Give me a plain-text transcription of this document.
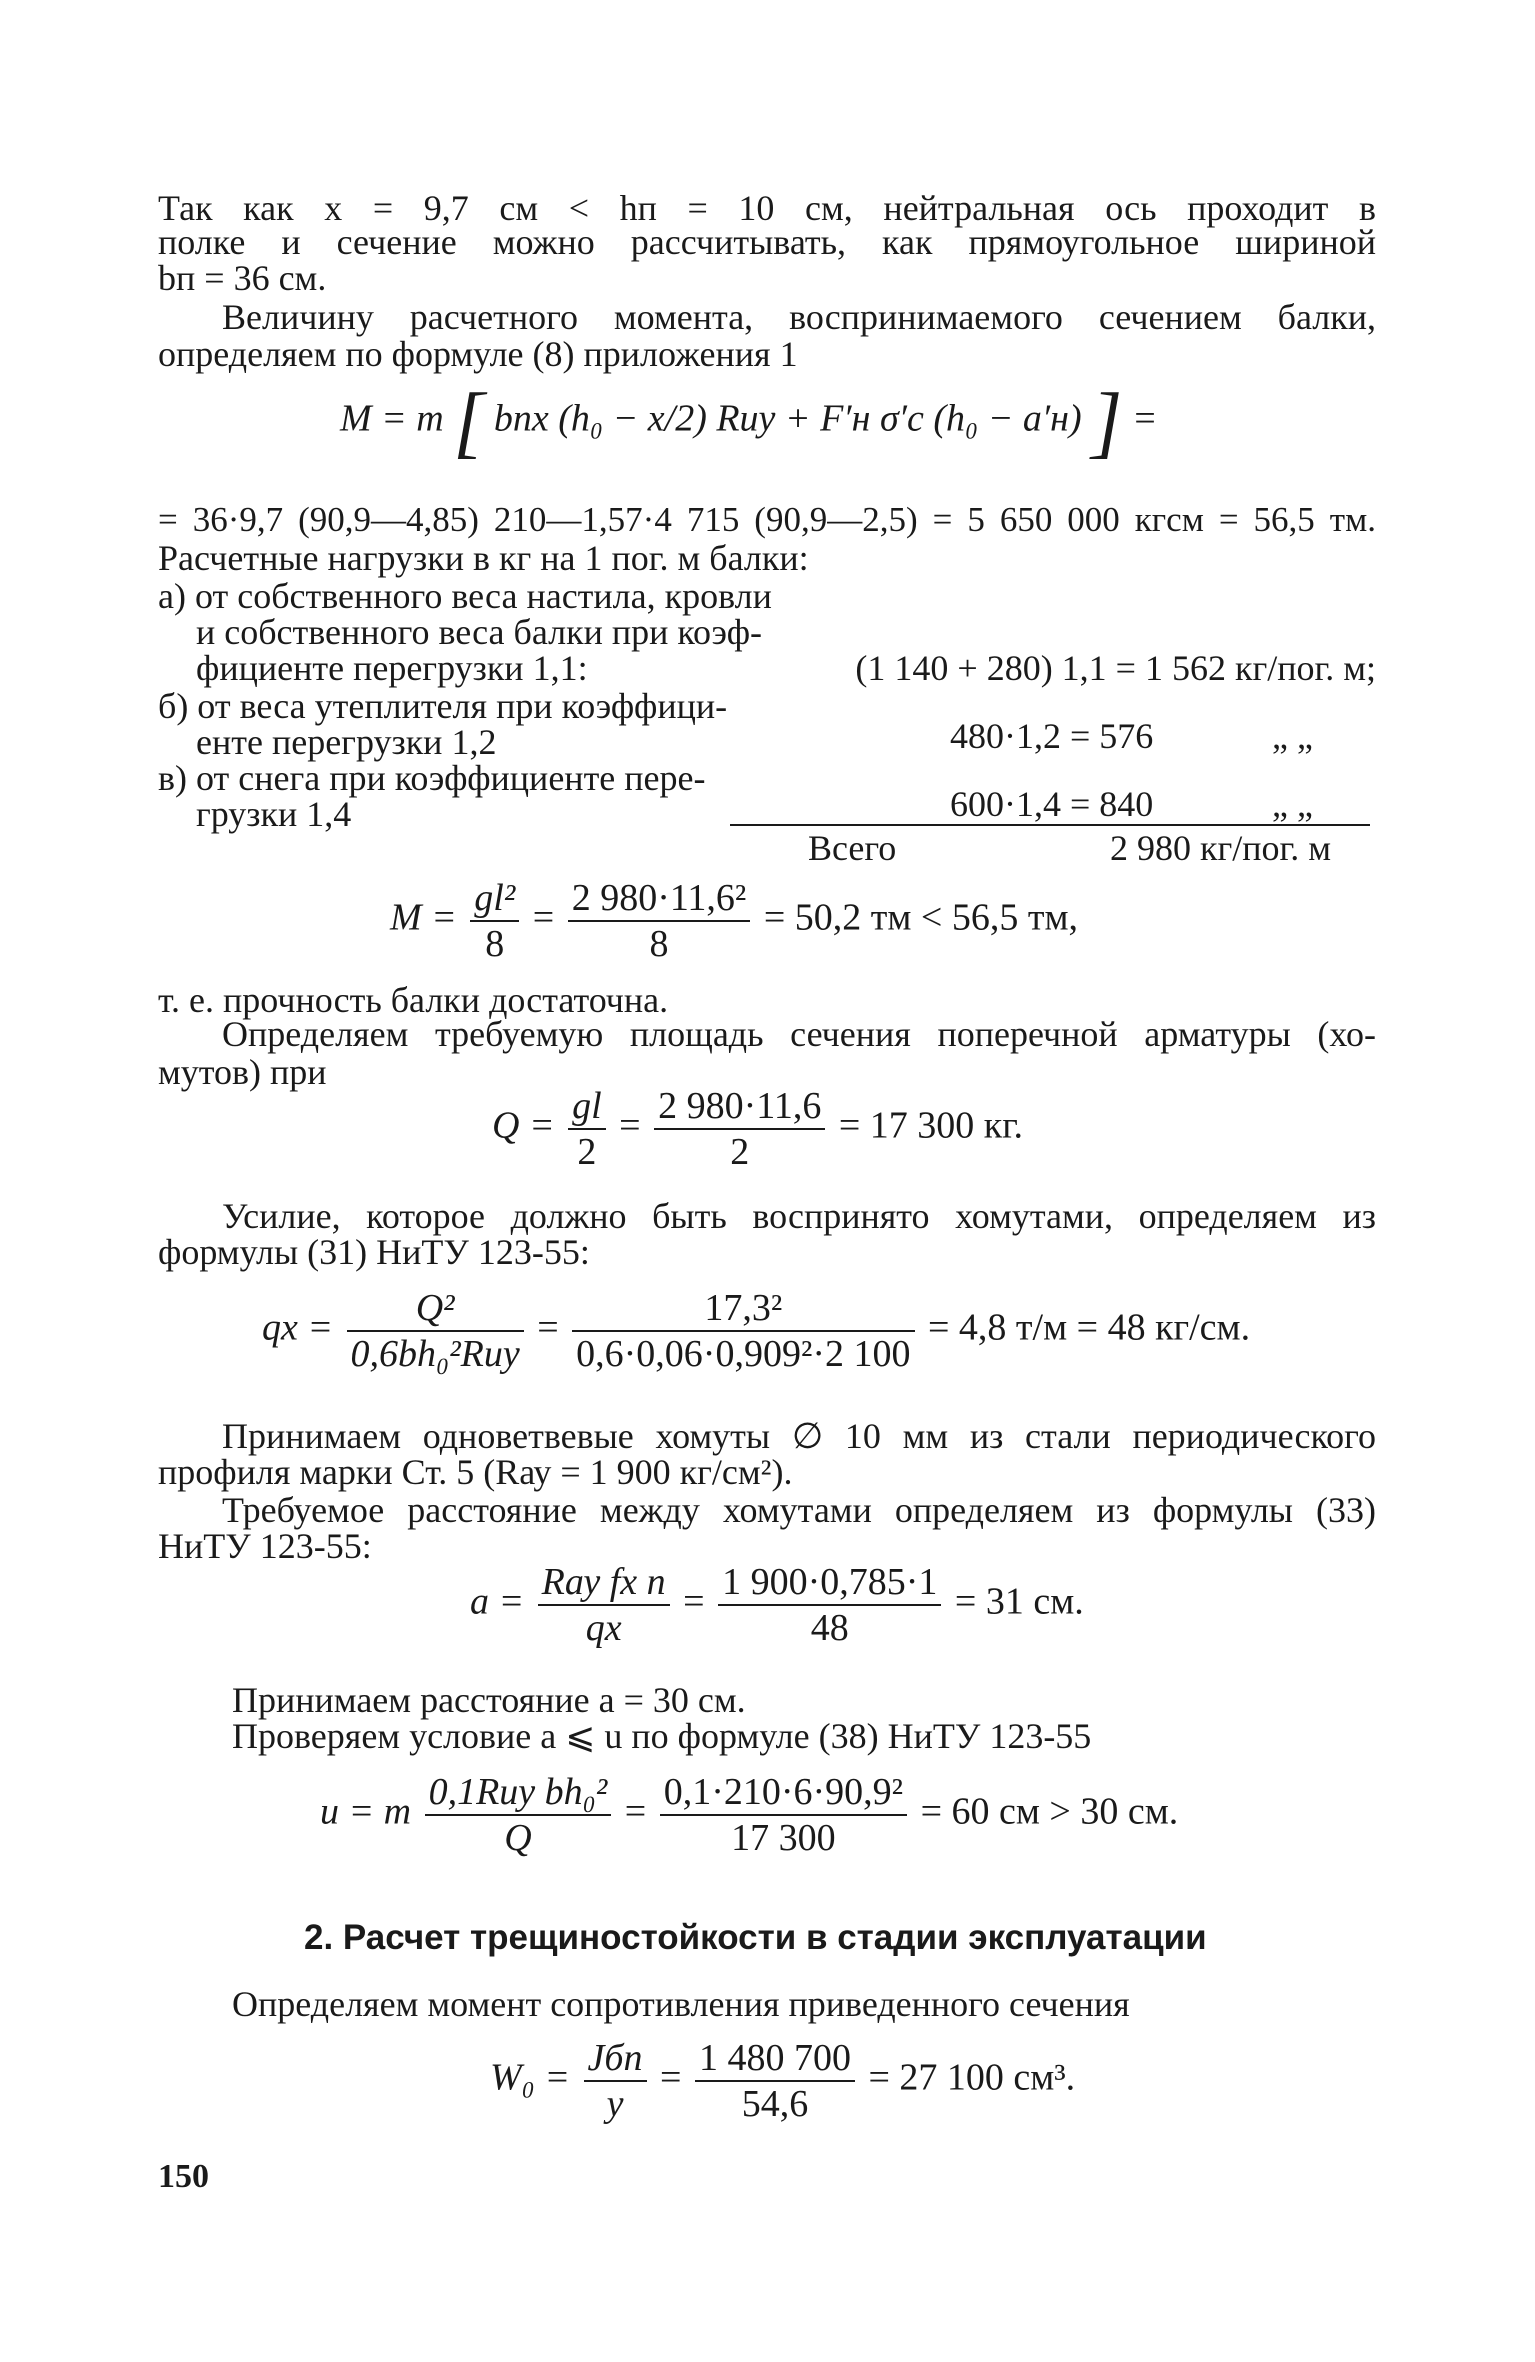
Так как x = 9,7 см < hп = 10 см, нейтральная ось проходит в
полке и сечение можно рассчитывать, как прямоугольное шириной
bп = 36 см.
Величину расчетного момента, воспринимаемого сечением балки,
определяем по формуле (8) приложения 1
M = m [ bпx (h₀ − x/2) Rиу + F′н σ′с (h₀ − a′н) ] =
= 36·9,7 (90,9—4,85) 210—1,57·4 715 (90,9—2,5) = 5 650 000 кгсм = 56,5 тм.
Расчетные нагрузки в кг на 1 пог. м балки:
а) от собственного веса настила, кровли
и собственного веса балки при коэф-
фициенте перегрузки 1,1:	(1 140 + 280) 1,1 = 1 562 кг/пог. м;
б) от веса утеплителя при коэффици-
енте перегрузки 1,2	480·1,2 = 576	„ „
в) от снега при коэффициенте пере-
грузки 1,4	600·1,4 = 840	„ „
Всего	2 980 кг/пог. м
$M = \frac{\text{gl²}}{8} = \frac{\text{2 980·11,6²}}{8} = 50,2$ тм < 56,5 тм,
т. е. прочность балки достаточна.
Определяем требуемую площадь сечения поперечной арматуры (хо-
мутов) при
$Q = \frac{gl}{2} = \frac{2 980\cdot 11,6}{2} = 17$ 300 кг.
Усилие, которое должно быть воспринято хомутами, определяем из
формулы (31) НиТУ 123-55:
qх = $\frac{\text{Q²}}{\text{0,6bh₀²Rиу}} = \frac{\text{17,3²}}{\text{0,6·0,06·0,909²·2 100}} = 4,8$ т/м = 48 кг/см.
Принимаем одноветвевые хомуты ∅ 10 мм из стали периодического
профиля марки Ст. 5 (Rау = 1 900 кг/см²).
Требуемое расстояние между хомутами определяем из формулы (33)
НиТУ 123-55:
$a = \frac{\text{Rау fх n}}{qх} = \frac{1 900\cdot 0,785\cdot 1}{48} = 31$ см.
Принимаем расстояние a = 30 см.
Проверяем условие a ⩽ u по формуле (38) НиТУ 123-55
u = m $\frac{\text{0,1Rиу bh₀²}}{Q} = \frac{\text{0,1·210·6·90,9²}}{17 300} = 60$ см > 30 см.
2. Расчет трещиностойкости в стадии эксплуатации
Определяем момент сопротивления приведенного сечения
$W_0 = \frac{\text{Jбп}}{y} = \frac{1 480 700}{54,6} = 27$ 100 см³.
150
